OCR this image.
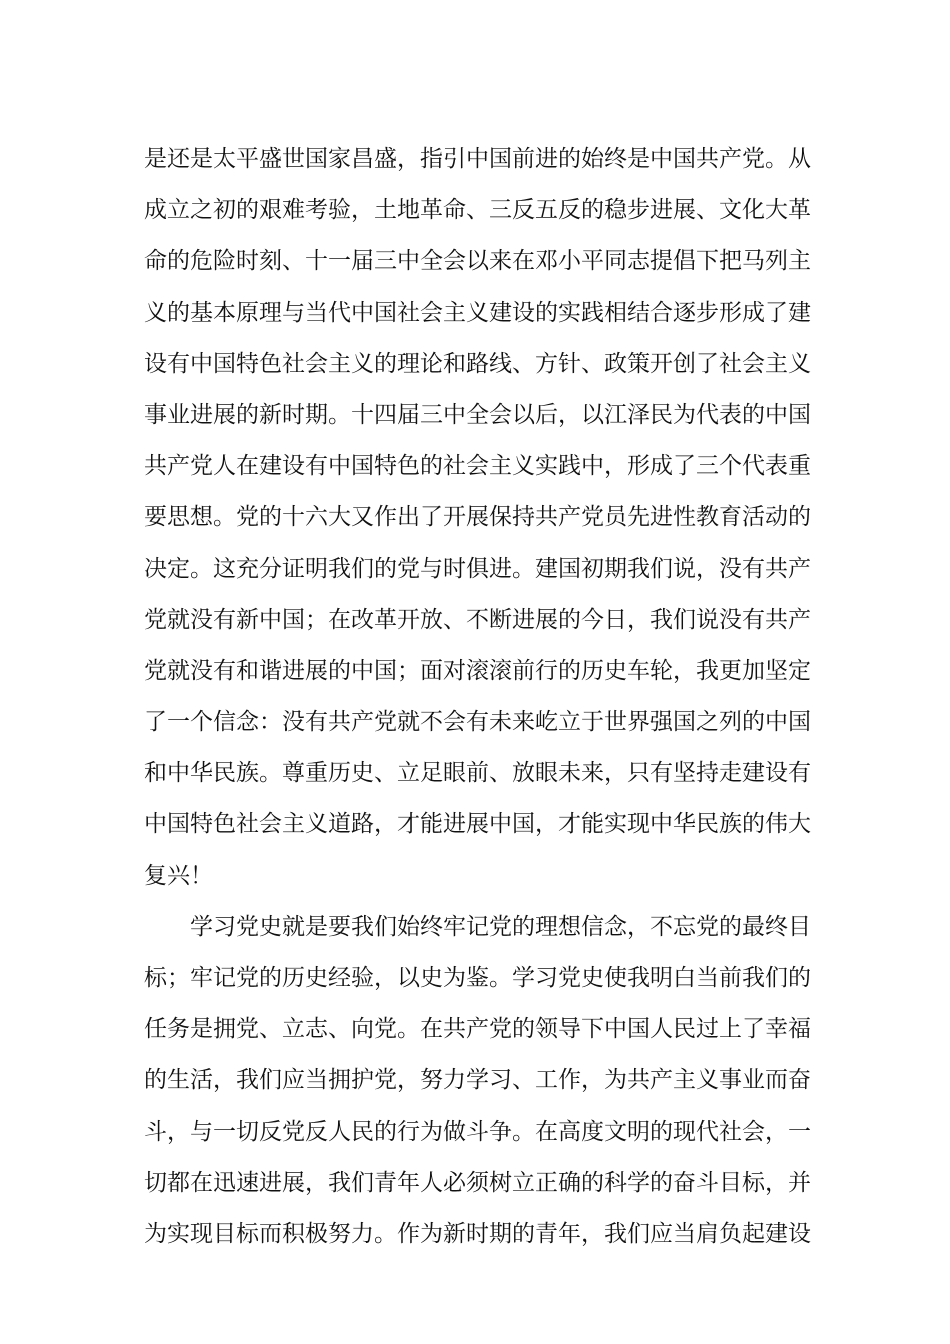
是还是太平盛世国家昌盛，指引中国前进的始终是中国共产党。从
成立之初的艰难考验，土地革命、三反五反的稳步进展、文化大革
命的危险时刻、十一届三中全会以来在邓小平同志提倡下把马列主
义的基本原理与当代中国社会主义建设的实践相结合逐步形成了建
设有中国特色社会主义的理论和路线、方针、政策开创了社会主义
事业进展的新时期。十四届三中全会以后，以江泽民为代表的中国
共产党人在建设有中国特色的社会主义实践中，形成了三个代表重
要思想。党的十六大又作出了开展保持共产党员先进性教育活动的
决定。这充分证明我们的党与时俱进。建国初期我们说，没有共产
党就没有新中国；在改革开放、不断进展的今日，我们说没有共产
党就没有和谐进展的中国；面对滚滚前行的历史车轮，我更加坚定
了一个信念：没有共产党就不会有未来屹立于世界强国之列的中国
和中华民族。尊重历史、立足眼前、放眼未来，只有坚持走建设有
中国特色社会主义道路，才能进展中国，才能实现中华民族的伟大
复兴！
学习党史就是要我们始终牢记党的理想信念，不忘党的最终目
标；牢记党的历史经验，以史为鉴。学习党史使我明白当前我们的
任务是拥党、立志、向党。在共产党的领导下中国人民过上了幸福
的生活，我们应当拥护党，努力学习、工作，为共产主义事业而奋
斗，与一切反党反人民的行为做斗争。在高度文明的现代社会，一
切都在迅速进展，我们青年人必须树立正确的科学的奋斗目标，并
为实现目标而积极努力。作为新时期的青年，我们应当肩负起建设
